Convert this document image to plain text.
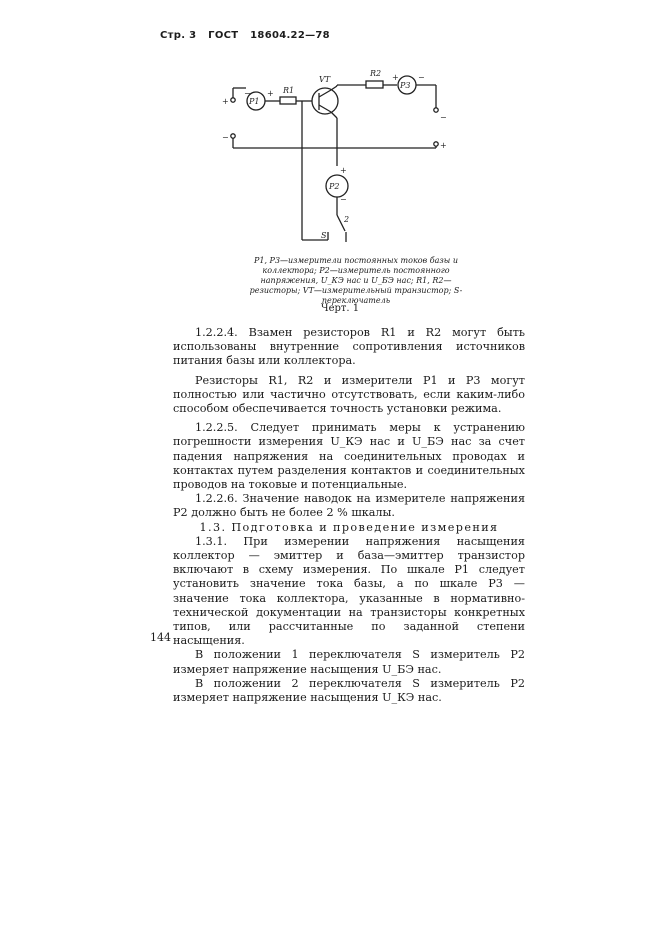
Стр. 3 ГОСТ 18604.22—78
P1
− + R1
VT
R2
P3
+ −
+
−
−
+
P2
+
−
2
S
P1, P3—измерители постоянных токов базы и коллектора; P2—измеритель постоянного напряжения, U_КЭ нас и U_БЭ нас; R1, R2—резисторы; VT—измерительный транзистор; S- переключатель
Черт. 1

1.2.2.4. Взамен резисторов R1 и R2 могут быть использованы внутренние сопротивления источников питания базы или коллектора.

Резисторы R1, R2 и измерители P1 и P3 могут полностью или частично отсутствовать, если каким-либо способом обеспечивается точность установки режима.

1.2.2.5. Следует принимать меры к устранению погрешности измерения U_КЭ нас и U_БЭ нас за счет падения напряжения на соединительных проводах и контактах путем разделения контактов и соединительных проводов на токовые и потенциальные.

1.2.2.6. Значение наводок на измерителе напряжения P2 должно быть не более 2 % шкалы.

1.3. Подготовка и проведение измерения

1.3.1. При измерении напряжения насыщения коллектор — эмиттер и база—эмиттер транзистор включают в схему измерения. По шкале P1 следует установить значение тока базы, а по шкале P3 — значение тока коллектора, указанные в нормативно-технической документации на транзисторы конкретных типов, или рассчитанные по заданной степени насыщения.

В положении 1 переключателя S измеритель P2 измеряет напряжение насыщения U_БЭ нас.

В положении 2 переключателя S измеритель P2 измеряет напряжение насыщения U_КЭ нас.

144
